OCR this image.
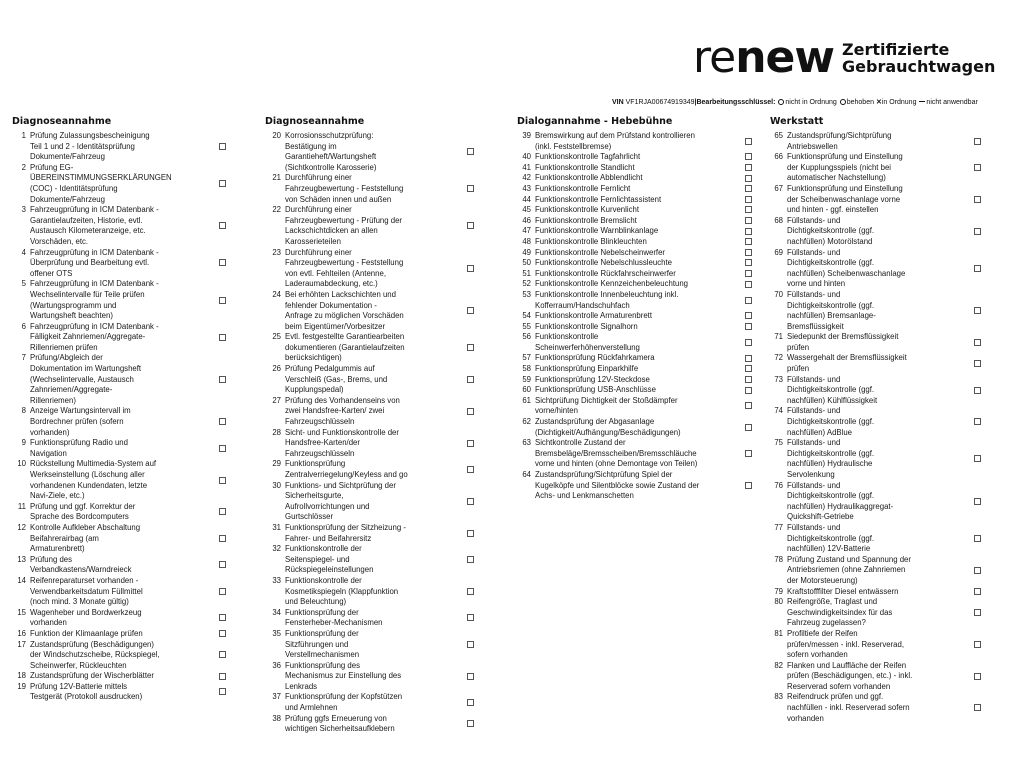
renew Zertifizierte
Gebrauchtwagen
VIN VF1RJA00674919349|Bearbeitungsschlüssel: nicht in Ordnung behoben ✕in Ordnung nicht anwendbar
Diagnoseannahme
1 Prüfung Zulassungsbescheinigung
Teil 1 und 2 - Identitätsprüfung
Dokumente/Fahrzeug
2 Prüfung EG-
ÜBEREINSTIMMUNGSERKLÄRUNGEN
(COC) - Identitätsprüfung
Dokumente/Fahrzeug
3 Fahrzeugprüfung in ICM Datenbank -
Garantielaufzeiten, Historie, evtl.
Austausch Kilometeranzeige, etc.
Vorschäden, etc.
4 Fahrzeugprüfung in ICM Datenbank -
Überprüfung und Bearbeitung evtl.
offener OTS
5 Fahrzeugprüfung in ICM Datenbank -
Wechselintervalle für Teile prüfen
(Wartungsprogramm und
Wartungsheft beachten)
6 Fahrzeugprüfung in ICM Datenbank -
Fälligkeit Zahnriemen/Aggregate-
Rillenriemen prüfen
7 Prüfung/Abgleich der
Dokumentation im Wartungsheft
(Wechselintervalle, Austausch
Zahnriemen/Aggregate-
Rillenriemen)
8 Anzeige Wartungsintervall im
Bordrechner prüfen (sofern
vorhanden)
9 Funktionsprüfung Radio und
Navigation
10 Rückstellung Multimedia-System auf
Werkseinstellung (Löschung aller
vorhandenen Kundendaten, letzte
Navi-Ziele, etc.)
11 Prüfung und ggf. Korrektur der
Sprache des Bordcomputers
12 Kontrolle Aufkleber Abschaltung
Beifahrerairbag (am
Armaturenbrett)
13 Prüfung des
Verbandkastens/Warndreieck
14 Reifenreparaturset vorhanden -
Verwendbarkeitsdatum Füllmittel
(noch mind. 3 Monate gültig)
15 Wagenheber und Bordwerkzeug
vorhanden
16 Funktion der Klimaanlage prüfen
17 Zustandsprüfung (Beschädigungen)
der Windschutzscheibe, Rückspiegel,
Scheinwerfer, Rückleuchten
18 Zustandsprüfung der Wischerblätter
19 Prüfung 12V-Batterie mittels
Testgerät (Protokoll ausdrucken)
Diagnoseannahme
20 Korrosionsschutzprüfung:
Bestätigung im
Garantieheft/Wartungsheft
(Sichtkontrolle Karosserie)
21 Durchführung einer
Fahrzeugbewertung - Feststellung
von Schäden innen und außen
22 Durchführung einer
Fahrzeugbewertung - Prüfung der
Lackschichtdicken an allen
Karosserieteilen
23 Durchführung einer
Fahrzeugbewertung - Feststellung
von evtl. Fehlteilen (Antenne,
Laderaumabdeckung, etc.)
24 Bei erhöhten Lackschichten und
fehlender Dokumentation -
Anfrage zu möglichen Vorschäden
beim Eigentümer/Vorbesitzer
25 Evtl. festgestellte Garantiearbeiten
dokumentieren (Garantielaufzeiten
berücksichtigen)
26 Prüfung Pedalgummis auf
Verschleiß (Gas-, Brems, und
Kupplungspedal)
27 Prüfung des Vorhandenseins von
zwei Handsfree-Karten/ zwei
Fahrzeugschlüsseln
28 Sicht- und Funktionskontrolle der
Handsfree-Karten/der
Fahrzeugschlüsseln
29 Funktionsprüfung
Zentralverriegelung/Keyless and go
30 Funktions- und Sichtprüfung der
Sicherheitsgurte,
Aufrollvorrichtungen und
Gurtschlösser
31 Funktionsprüfung der Sitzheizung -
Fahrer- und Beifahrersitz
32 Funktionskontrolle der
Seitenspiegel- und
Rückspiegeleinstellungen
33 Funktionskontrolle der
Kosmetikspiegeln (Klappfunktion
und Beleuchtung)
34 Funktionsprüfung der
Fensterheber-Mechanismen
35 Funktionsprüfung der
Sitzführungen und
Verstellmechanismen
36 Funktionsprüfung des
Mechanismus zur Einstellung des
Lenkrads
37 Funktionsprüfung der Kopfstützen
und Armlehnen
38 Prüfung ggfs Erneuerung von
wichtigen Sicherheitsaufklebern
Dialogannahme - Hebebühne
39 Bremswirkung auf dem Prüfstand kontrollieren
(inkl. Feststellbremse)
40 Funktionskontrolle Tagfahrlicht
41 Funktionskontrolle Standlicht
42 Funktionskontrolle Abblendlicht
43 Funktionskontrolle Fernlicht
44 Funktionskontrolle Fernlichtassistent
45 Funktionskontrolle Kurvenlicht
46 Funktionskontrolle Bremslicht
47 Funktionskontrolle Warnblinkanlage
48 Funktionskontrolle Blinkleuchten
49 Funktionskontrolle Nebelscheinwerfer
50 Funktionskontrolle Nebelschlussleuchte
51 Funktionskontrolle Rückfahrscheinwerfer
52 Funktionskontrolle Kennzeichenbeleuchtung
53 Funktionskontrolle Innenbeleuchtung inkl.
Kofferraum/Handschuhfach
54 Funktionskontrolle Armaturenbrett
55 Funktionskontrolle Signalhorn
56 Funktionskontrolle
Scheinwerferhöhenverstellung
57 Funktionsprüfung Rückfahrkamera
58 Funktionsprüfung Einparkhilfe
59 Funktionsprüfung 12V-Steckdose
60 Funktionsprüfung USB-Anschlüsse
61 Sichtprüfung Dichtigkeit der Stoßdämpfer
vorne/hinten
62 Zustandsprüfung der Abgasanlage
(Dichtigkeit/Aufhängung/Beschädigungen)
63 Sichtkontrolle Zustand der
Bremsbeläge/Bremsscheiben/Bremsschläuche
vorne und hinten (ohne Demontage von Teilen)
64 Zustandsprüfung/Sichtprüfung Spiel der
Kugelköpfe und Silentblöcke sowie Zustand der
Achs- und Lenkmanschetten
Werkstatt
65 Zustandsprüfung/Sichtprüfung
Antriebswellen
66 Funktionsprüfung und Einstellung
der Kupplungsspiels (nicht bei
automatischer Nachstellung)
67 Funktionsprüfung und Einstellung
der Scheibenwaschanlage vorne
und hinten - ggf. einstellen
68 Füllstands- und
Dichtigkeitskontrolle (ggf.
nachfüllen) Motorölstand
69 Füllstands- und
Dichtigkeitskontrolle (ggf.
nachfüllen) Scheibenwaschanlage
vorne und hinten
70 Füllstands- und
Dichtigkeitskontrolle (ggf.
nachfüllen) Bremsanlage-
Bremsflüssigkeit
71 Siedepunkt der Bremsflüssigkeit
prüfen
72 Wassergehalt der Bremsflüssigkeit
prüfen
73 Füllstands- und
Dichtigkeitskontrolle (ggf.
nachfüllen) Kühlflüssigkeit
74 Füllstands- und
Dichtigkeitskontrolle (ggf.
nachfüllen) AdBlue
75 Füllstands- und
Dichtigkeitskontrolle (ggf.
nachfüllen) Hydraulische
Servolenkung
76 Füllstands- und
Dichtigkeitskontrolle (ggf.
nachfüllen) Hydraulikaggregat-
Quickshift-Getriebe
77 Füllstands- und
Dichtigkeitskontrolle (ggf.
nachfüllen) 12V-Batterie
78 Prüfung Zustand und Spannung der
Antriebsriemen (ohne Zahnriemen
der Motorsteuerung)
79 Kraftstofffilter Diesel entwässern
80 Reifengröße, Traglast und
Geschwindigkeitsindex für das
Fahrzeug zugelassen?
81 Profiltiefe der Reifen
prüfen/messen - inkl. Reserverad,
sofern vorhanden
82 Flanken und Lauffläche der Reifen
prüfen (Beschädigungen, etc.) - inkl.
Reserverad sofern vorhanden
83 Reifendruck prüfen und ggf.
nachfüllen - inkl. Reserverad sofern
vorhanden
